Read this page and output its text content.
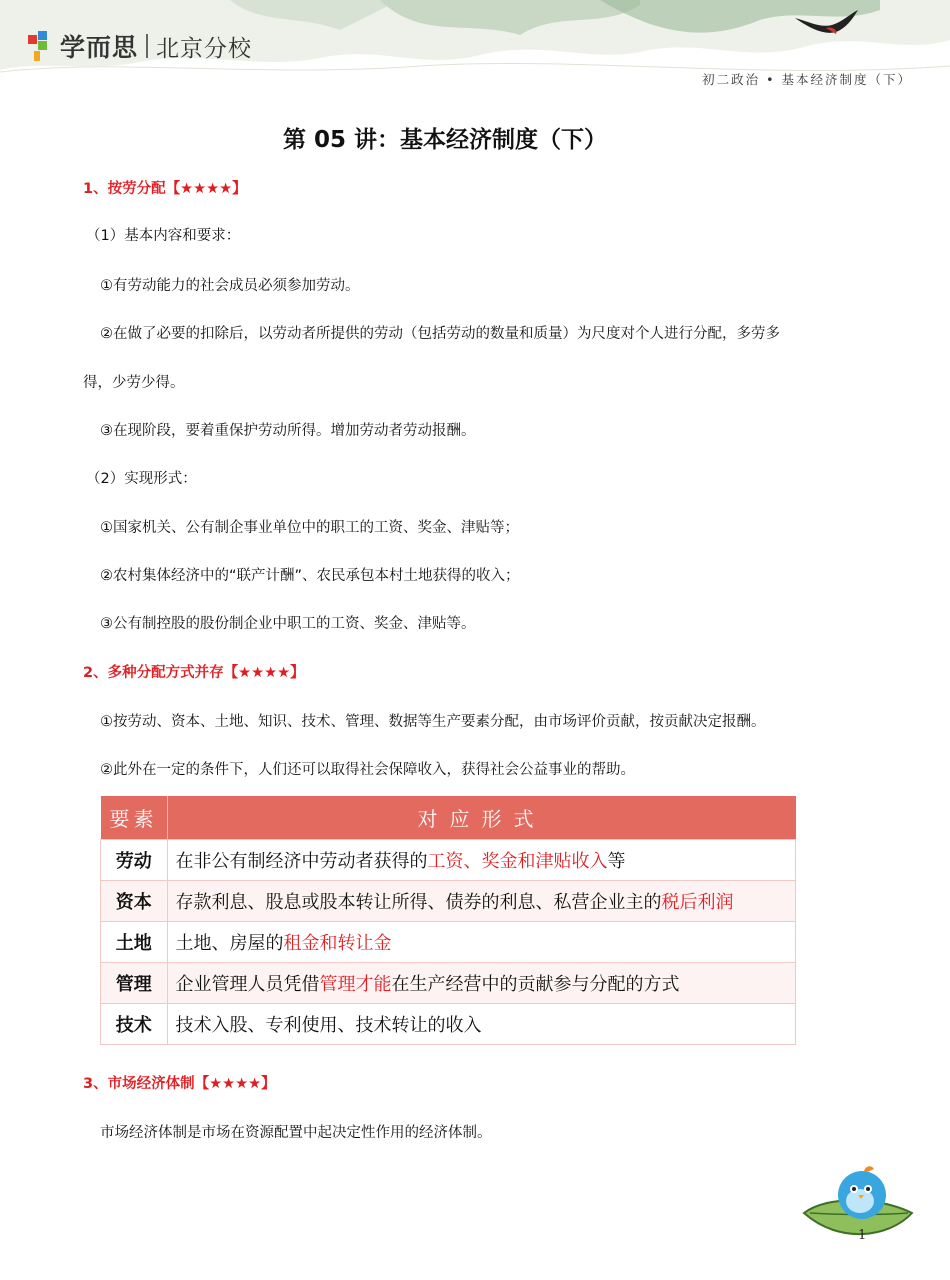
学而思 北京分校
初二政治 • 基本经济制度（下）
第 05 讲：基本经济制度（下）
1、按劳分配【★★★★】
（1）基本内容和要求：
①有劳动能力的社会成员必须参加劳动。
②在做了必要的扣除后，以劳动者所提供的劳动（包括劳动的数量和质量）为尺度对个人进行分配，多劳多
得，少劳少得。
③在现阶段，要着重保护劳动所得。增加劳动者劳动报酬。
（2）实现形式：
①国家机关、公有制企事业单位中的职工的工资、奖金、津贴等；
②农村集体经济中的“联产计酬”、农民承包本村土地获得的收入；
③公有制控股的股份制企业中职工的工资、奖金、津贴等。
2、多种分配方式并存【★★★★】
①按劳动、资本、土地、知识、技术、管理、数据等生产要素分配，由市场评价贡献，按贡献决定报酬。
②此外在一定的条件下，人们还可以取得社会保障收入，获得社会公益事业的帮助。
要素	对应形式
劳动	在非公有制经济中劳动者获得的工资、奖金和津贴收入等
资本	存款利息、股息或股本转让所得、债券的利息、私营企业主的税后利润
土地	土地、房屋的租金和转让金
管理	企业管理人员凭借管理才能在生产经营中的贡献参与分配的方式
技术	技术入股、专利使用、技术转让的收入
3、市场经济体制【★★★★】
市场经济体制是市场在资源配置中起决定性作用的经济体制。
1
